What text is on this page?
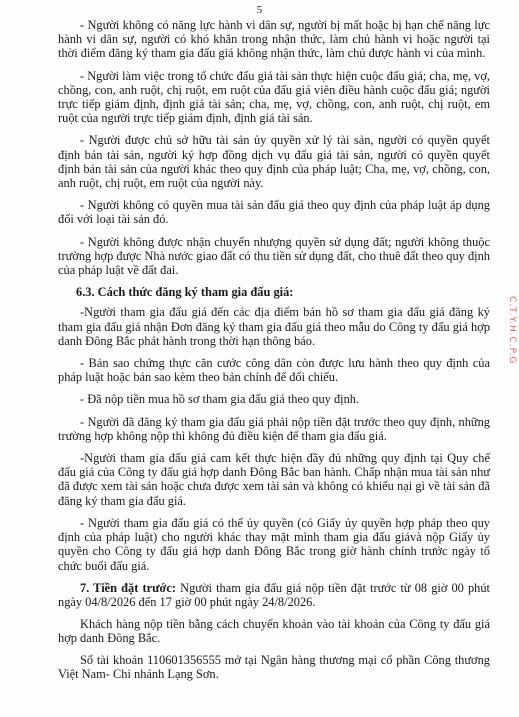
5

- Người không có năng lực hành vi dân sự, người bị mất hoặc bị hạn chế năng lực hành vi dân sự, người có khó khăn trong nhận thức, làm chủ hành vi hoặc người tại thời điểm đăng ký tham gia đấu giá không nhận thức, làm chủ được hành vi của mình.

- Người làm việc trong tổ chức đấu giá tài sản thực hiện cuộc đấu giá; cha, mẹ, vợ, chồng, con, anh ruột, chị ruột, em ruột của đấu giá viên điều hành cuộc đấu giá; người trực tiếp giám định, định giá tài sản; cha, mẹ, vợ, chồng, con, anh ruột, chị ruột, em ruột của người trực tiếp giám định, định giá tài sản.

- Người được chủ sở hữu tài sản ủy quyền xử lý tài sản, người có quyền quyết định bán tài sản, người ký hợp đồng dịch vụ đấu giá tài sản, người có quyền quyết định bán tài sản của người khác theo quy định của pháp luật; Cha, mẹ, vợ, chồng, con, anh ruột, chị ruột, em ruột của người này.

- Người không có quyền mua tài sản đấu giá theo quy định của pháp luật áp dụng đối với loại tài sản đó.

- Người không được nhận chuyển nhượng quyền sử dụng đất; người không thuộc trường hợp được Nhà nước giao đất có thu tiền sử dụng đất, cho thuê đất theo quy định của pháp luật về đất đai.

6.3. Cách thức đăng ký tham gia đấu giá:

-Người tham gia đấu giá đến các địa điểm bán hồ sơ tham gia đấu giá đăng ký tham gia đấu giá nhận Đơn đăng ký tham gia đấu giá theo mẫu do Công ty đấu giá hợp danh Đông Bắc phát hành trong thời hạn thông báo.

- Bản sao chứng thực căn cước công dân còn được lưu hành theo quy định của pháp luật hoặc bản sao kèm theo bản chính để đối chiếu.

- Đã nộp tiền mua hồ sơ tham gia đấu giá theo quy định.

- Người đã đăng ký tham gia đấu giá phải nộp tiền đặt trước theo quy định, những trường hợp không nộp thì không đủ điều kiện để tham gia đấu giá.

-Người tham gia đấu giá cam kết thực hiện đầy đủ những quy định tại Quy chế đấu giá của Công ty đấu giá hợp danh Đông Bắc ban hành. Chấp nhận mua tài sản như đã được xem tài sản hoặc chưa được xem tài sản và không có khiếu nại gì về tài sản đã đăng ký tham gia đấu giá.

- Người tham gia đấu giá có thể ủy quyền (có Giấy ủy quyền hợp pháp theo quy định của pháp luật) cho người khác thay mặt mình tham gia đấu giávà nộp Giấy ủy quyền cho Công ty đấu giá hợp danh Đông Bắc trong giờ hành chính trước ngày tổ chức buổi đấu giá.

7. Tiền đặt trước: Người tham gia đấu giá nộp tiền đặt trước từ 08 giờ 00 phút ngày 04/8/2026 đến 17 giờ 00 phút ngày 24/8/2026.

Khách hàng nộp tiền bằng cách chuyển khoản vào tài khoản của Công ty đấu giá hợp danh Đông Bắc.

Số tài khoản 110601356555 mở tại Ngân hàng thương mại cổ phần Công thương Việt Nam- Chi nhánh Lạng Sơn.

C.T.Y.H.C.P.G
